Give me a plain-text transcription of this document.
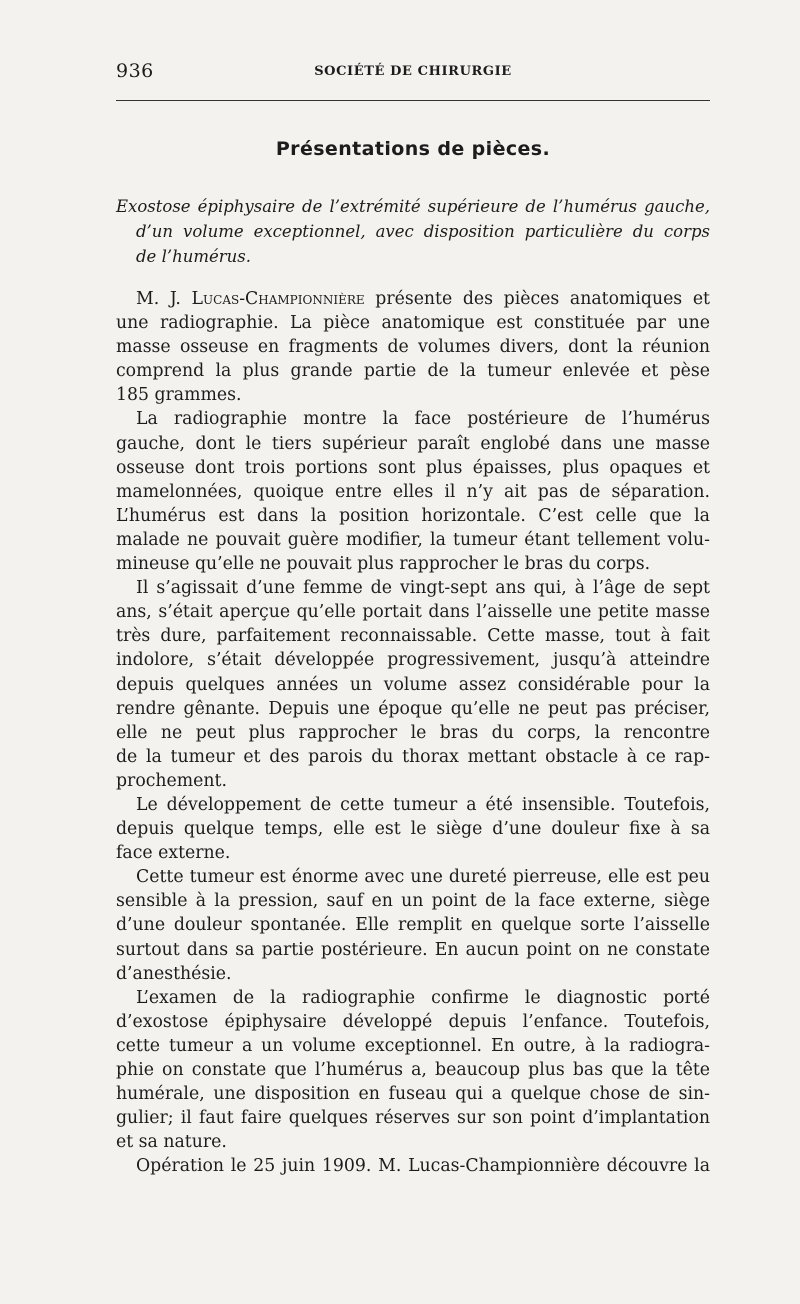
936	SOCIÉTÉ DE CHIRURGIE
Présentations de pièces.
Exostose épiphysaire de l’extrémité supérieure de l’humérus gauche,
d’un volume exceptionnel, avec disposition particulière du corps
de l’humérus.
M. J. Lucas-Championnière présente des pièces anatomiques et
une radiographie. La pièce anatomique est constituée par une
masse osseuse en fragments de volumes divers, dont la réunion
comprend la plus grande partie de la tumeur enlevée et pèse
185 grammes.
La radiographie montre la face postérieure de l’humérus
gauche, dont le tiers supérieur paraît englobé dans une masse
osseuse dont trois portions sont plus épaisses, plus opaques et
mamelonnées, quoique entre elles il n’y ait pas de séparation.
L’humérus est dans la position horizontale. C’est celle que la
malade ne pouvait guère modifier, la tumeur étant tellement volu-
mineuse qu’elle ne pouvait plus rapprocher le bras du corps.
Il s’agissait d’une femme de vingt-sept ans qui, à l’âge de sept
ans, s’était aperçue qu’elle portait dans l’aisselle une petite masse
très dure, parfaitement reconnaissable. Cette masse, tout à fait
indolore, s’était développée progressivement, jusqu’à atteindre
depuis quelques années un volume assez considérable pour la
rendre gênante. Depuis une époque qu’elle ne peut pas préciser,
elle ne peut plus rapprocher le bras du corps, la rencontre
de la tumeur et des parois du thorax mettant obstacle à ce rap-
prochement.
Le développement de cette tumeur a été insensible. Toutefois,
depuis quelque temps, elle est le siège d’une douleur fixe à sa
face externe.
Cette tumeur est énorme avec une dureté pierreuse, elle est peu
sensible à la pression, sauf en un point de la face externe, siège
d’une douleur spontanée. Elle remplit en quelque sorte l’aisselle
surtout dans sa partie postérieure. En aucun point on ne constate
d’anesthésie.
L’examen de la radiographie confirme le diagnostic porté
d’exostose épiphysaire développé depuis l’enfance. Toutefois,
cette tumeur a un volume exceptionnel. En outre, à la radiogra-
phie on constate que l’humérus a, beaucoup plus bas que la tête
humérale, une disposition en fuseau qui a quelque chose de sin-
gulier; il faut faire quelques réserves sur son point d’implantation
et sa nature.
Opération le 25 juin 1909. M. Lucas-Championnière découvre la
